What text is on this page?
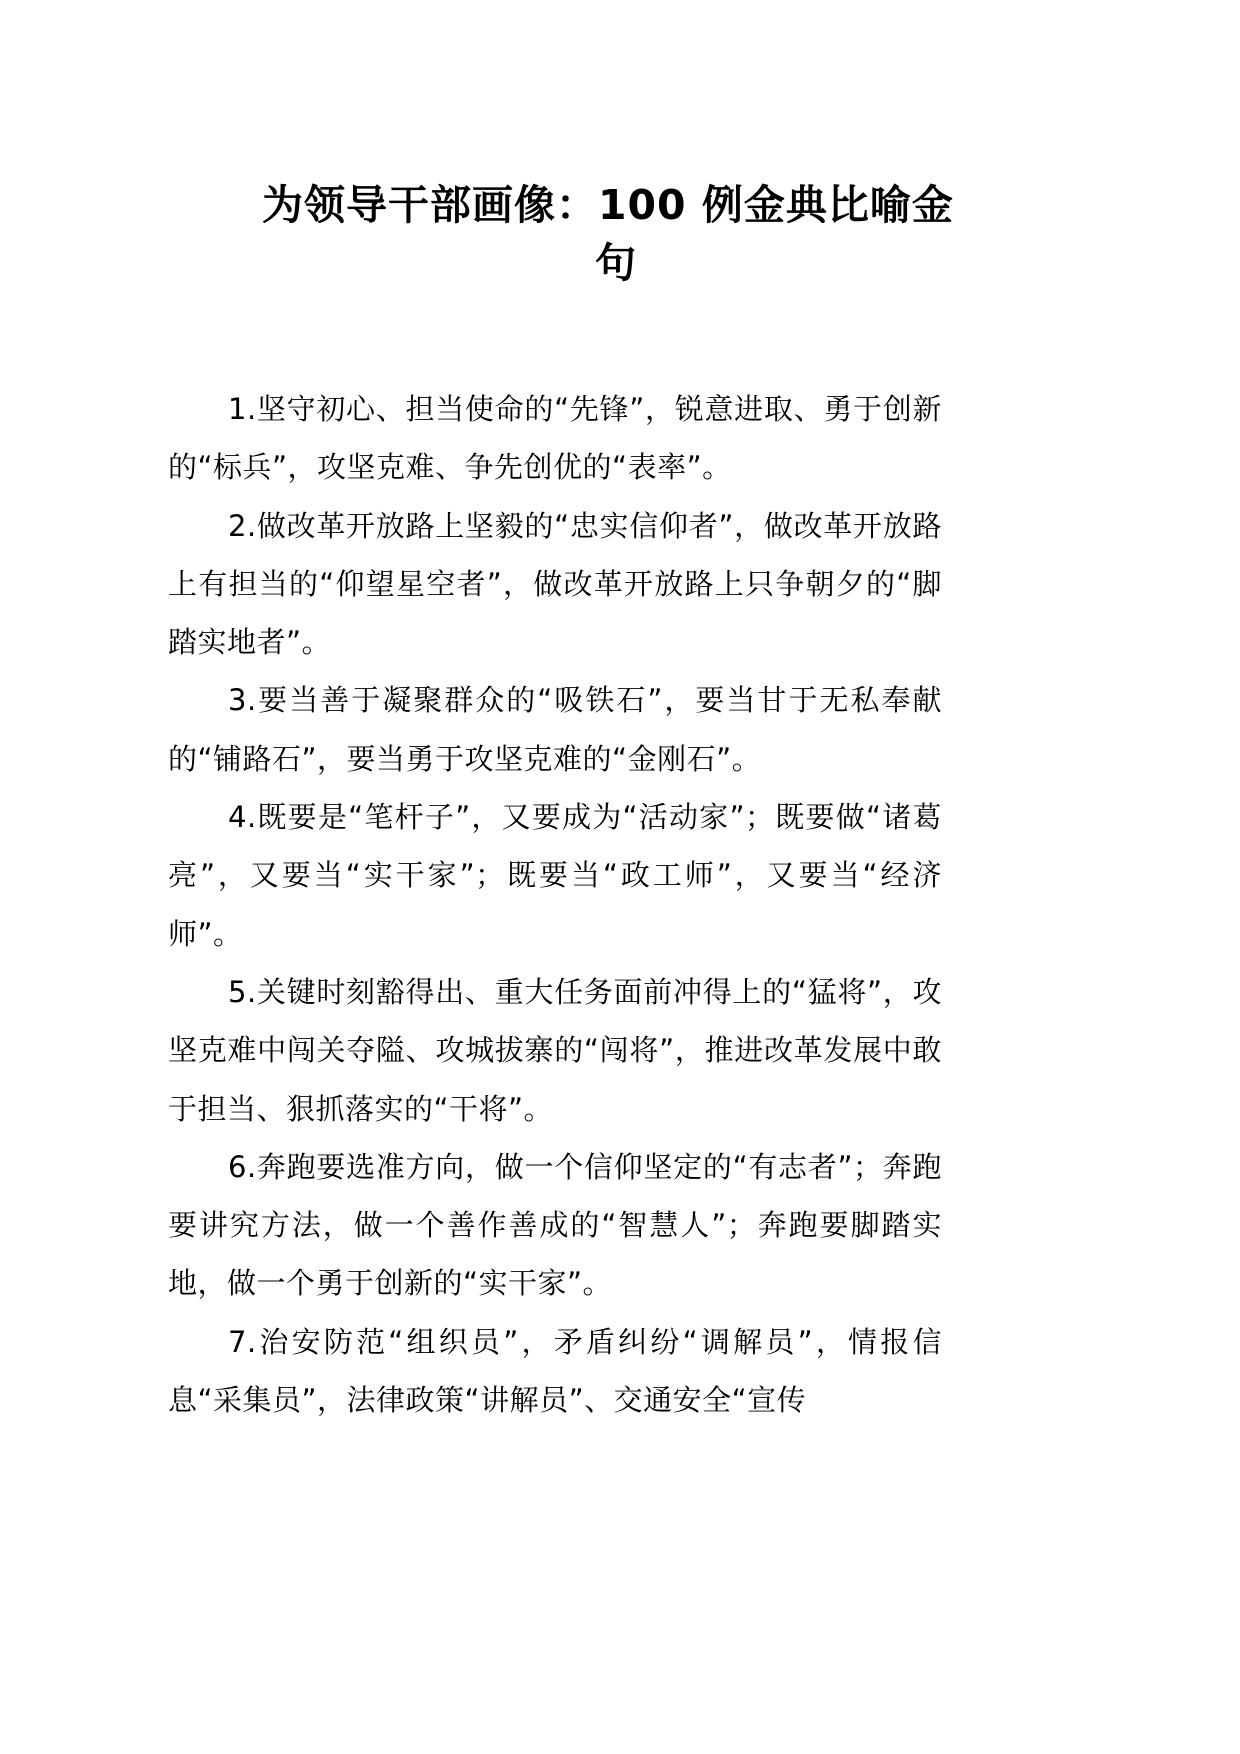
为领导干部画像：100 例金典比喻金
句

1.坚守初心、担当使命的“先锋”，锐意进取、勇于创新的“标兵”，攻坚克难、争先创优的“表率”。

2.做改革开放路上坚毅的“忠实信仰者”，做改革开放路上有担当的“仰望星空者”，做改革开放路上只争朝夕的“脚踏实地者”。

3.要当善于凝聚群众的“吸铁石”，要当甘于无私奉献的“铺路石”，要当勇于攻坚克难的“金刚石”。

4.既要是“笔杆子”，又要成为“活动家”；既要做“诸葛亮”，又要当“实干家”；既要当“政工师”，又要当“经济师”。

5.关键时刻豁得出、重大任务面前冲得上的“猛将”，攻坚克难中闯关夺隘、攻城拔寨的“闯将”，推进改革发展中敢于担当、狠抓落实的“干将”。

6.奔跑要选准方向，做一个信仰坚定的“有志者”；奔跑要讲究方法，做一个善作善成的“智慧人”；奔跑要脚踏实地，做一个勇于创新的“实干家”。

7.治安防范“组织员”，矛盾纠纷“调解员”，情报信息“采集员”，法律政策“讲解员”、交通安全“宣传
